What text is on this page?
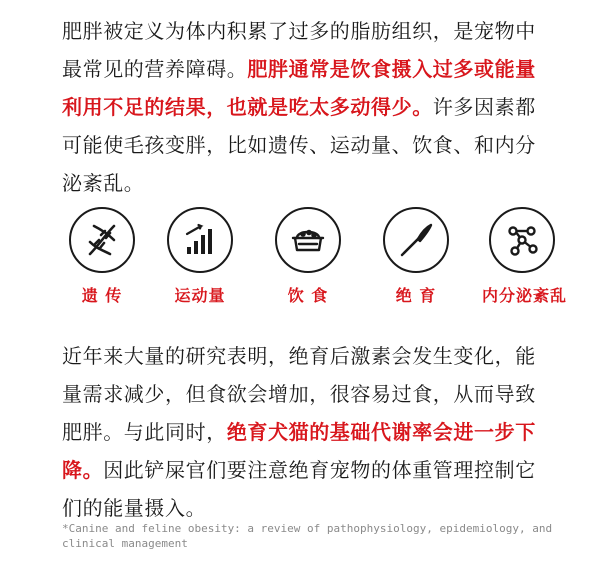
肥胖被定义为体内积累了过多的脂肪组织，是宠物中最常见的营养障碍。肥胖通常是饮食摄入过多或能量利用不足的结果，也就是吃太多动得少。许多因素都可能使毛孩变胖，比如遗传、运动量、饮食、和内分泌紊乱。

遗 传	运动量	饮 食	绝 育	内分泌紊乱

近年来大量的研究表明，绝育后激素会发生变化，能量需求减少，但食欲会增加，很容易过食，从而导致肥胖。与此同时，绝育犬猫的基础代谢率会进一步下降。因此铲屎官们要注意绝育宠物的体重管理控制它们的能量摄入。

*Canine and feline obesity: a review of pathophysiology, epidemiology, and clinical management
